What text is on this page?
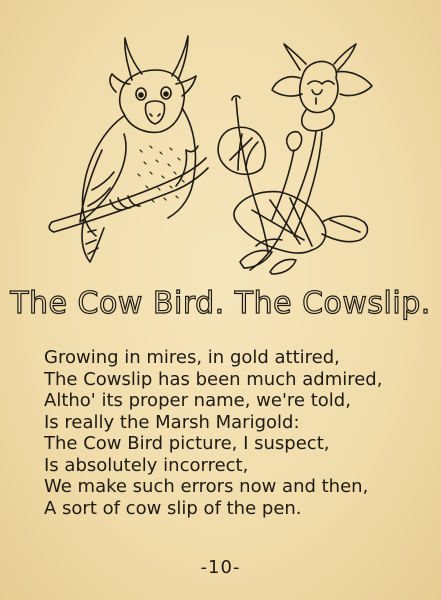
The Cow Bird. The Cowslip.
Growing in mires, in gold attired,
The Cowslip has been much admired,
Altho' its proper name, we're told,
Is really the Marsh Marigold:
The Cow Bird picture, I suspect,
Is absolutely incorrect,
We make such errors now and then,
A sort of cow slip of the pen.
-10-
